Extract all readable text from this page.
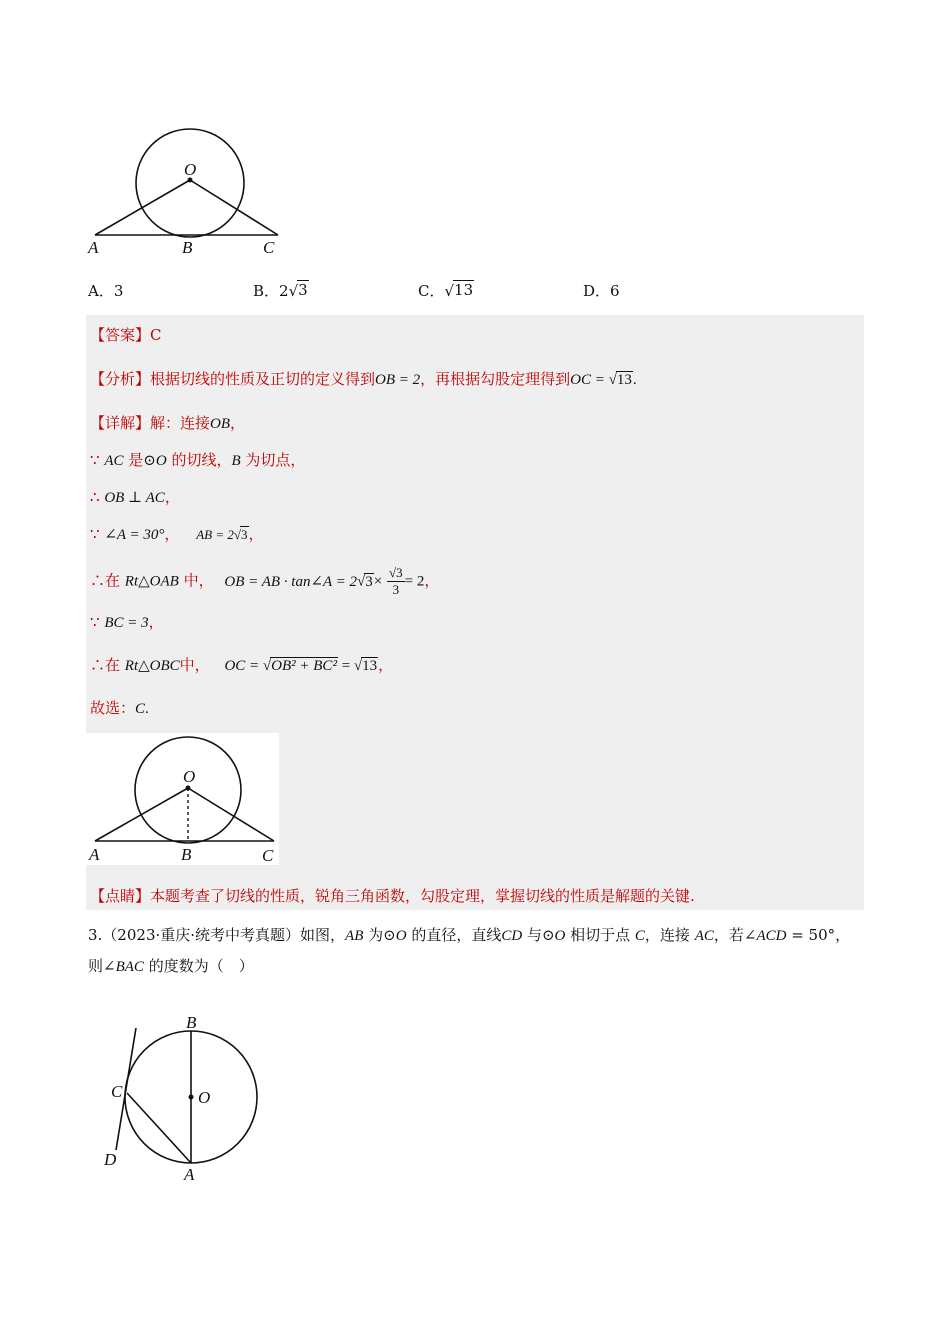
O
A	B	C
A．3	B．2√ 3	C．√ 13	D．6
【答案】C
【分析】根据切线的性质及正切的定义得到OB = 2，再根据勾股定理得到OC = √13.
【详解】解：连接OB，
∵ AC 是⊙O 的切线，B 为切点，
∴ OB ⊥ AC，
∵ ∠A = 30°， AB = 2√3，
∴在 Rt△OAB 中， OB = AB · tan∠A = $2√3\times \frac{√3}{3} = 2$，
∵ BC = 3，
∴在 Rt△OBC中， OC = √OB² + BC² = √13，
故选：C.
O
A	B	C
【点睛】本题考查了切线的性质，锐角三角函数，勾股定理，掌握切线的性质是解题的关键.
3.（2023·重庆·统考中考真题）如图，AB 为⊙O 的直径，直线CD 与⊙O 相切于点 C，连接 AC，若∠ACD = 50°，
则∠BAC 的度数为（　）
B
C	O
D
A
